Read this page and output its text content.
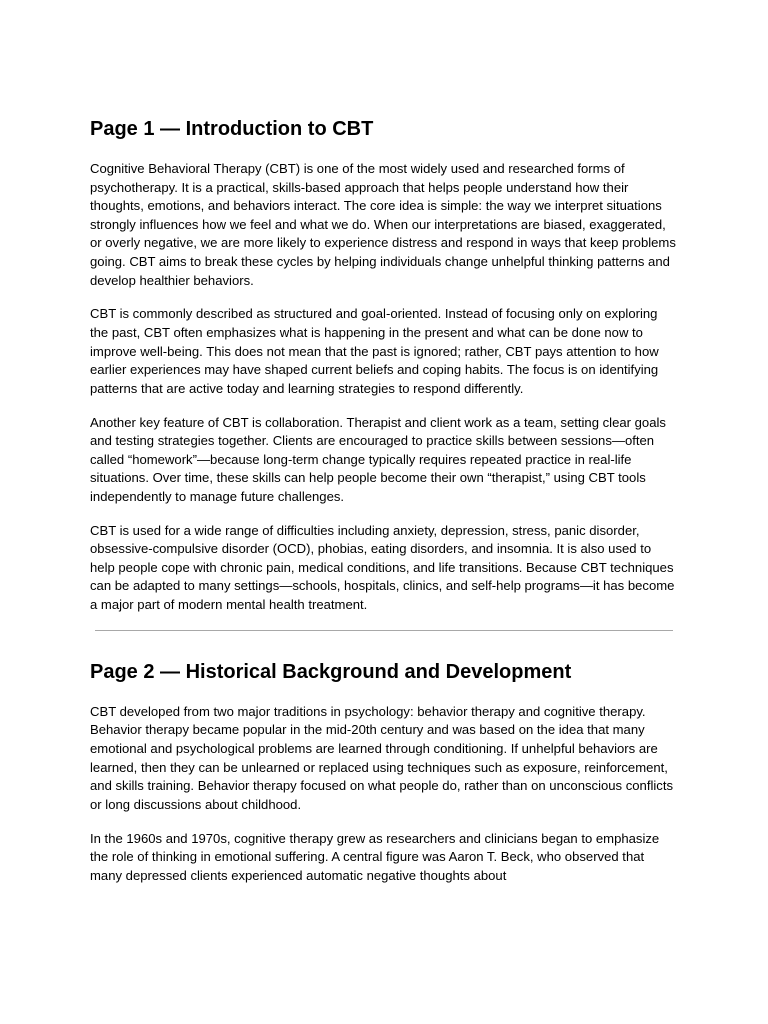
Page 1 — Introduction to CBT

Cognitive Behavioral Therapy (CBT) is one of the most widely used and researched forms of psychotherapy. It is a practical, skills-based approach that helps people understand how their thoughts, emotions, and behaviors interact. The core idea is simple: the way we interpret situations strongly influences how we feel and what we do. When our interpretations are biased, exaggerated, or overly negative, we are more likely to experience distress and respond in ways that keep problems going. CBT aims to break these cycles by helping individuals change unhelpful thinking patterns and develop healthier behaviors.

CBT is commonly described as structured and goal-oriented. Instead of focusing only on exploring the past, CBT often emphasizes what is happening in the present and what can be done now to improve well-being. This does not mean that the past is ignored; rather, CBT pays attention to how earlier experiences may have shaped current beliefs and coping habits. The focus is on identifying patterns that are active today and learning strategies to respond differently.

Another key feature of CBT is collaboration. Therapist and client work as a team, setting clear goals and testing strategies together. Clients are encouraged to practice skills between sessions—often called “homework”—because long-term change typically requires repeated practice in real-life situations. Over time, these skills can help people become their own “therapist,” using CBT tools independently to manage future challenges.

CBT is used for a wide range of difficulties including anxiety, depression, stress, panic disorder, obsessive-compulsive disorder (OCD), phobias, eating disorders, and insomnia. It is also used to help people cope with chronic pain, medical conditions, and life transitions. Because CBT techniques can be adapted to many settings—schools, hospitals, clinics, and self-help programs—it has become a major part of modern mental health treatment.

Page 2 — Historical Background and Development

CBT developed from two major traditions in psychology: behavior therapy and cognitive therapy. Behavior therapy became popular in the mid-20th century and was based on the idea that many emotional and psychological problems are learned through conditioning. If unhelpful behaviors are learned, then they can be unlearned or replaced using techniques such as exposure, reinforcement, and skills training. Behavior therapy focused on what people do, rather than on unconscious conflicts or long discussions about childhood.

In the 1960s and 1970s, cognitive therapy grew as researchers and clinicians began to emphasize the role of thinking in emotional suffering. A central figure was Aaron T. Beck, who observed that many depressed clients experienced automatic negative thoughts about
